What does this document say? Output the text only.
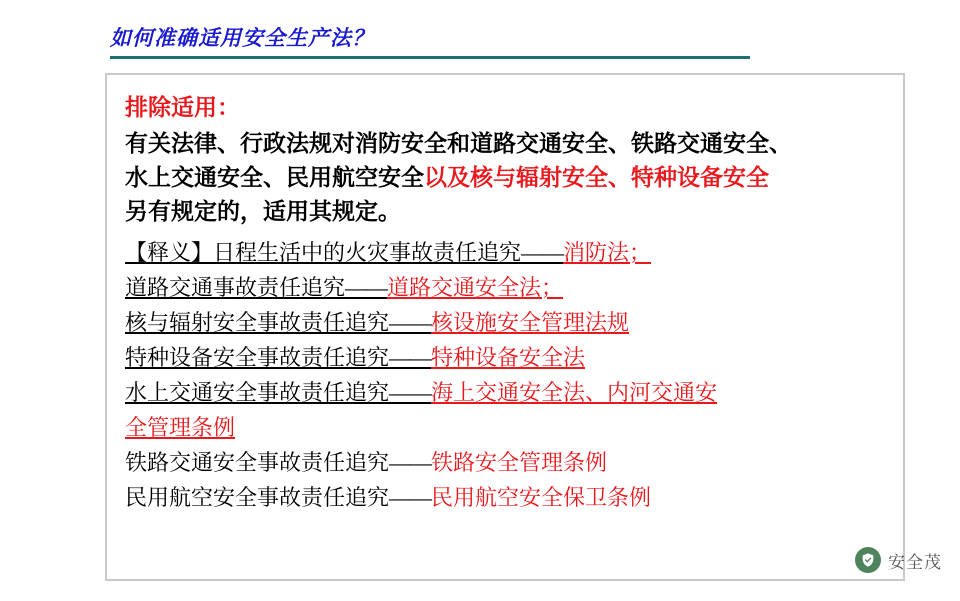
如何准确适用安全生产法？
排除适用：
有关法律、行政法规对消防安全和道路交通安全、铁路交通安全、
水上交通安全、民用航空安全以及核与辐射安全、特种设备安全
另有规定的，适用其规定。
【释义】日程生活中的火灾事故责任追究——消防法；
道路交通事故责任追究——道路交通安全法；
核与辐射安全事故责任追究——核设施安全管理法规
特种设备安全事故责任追究——特种设备安全法
水上交通安全事故责任追究——海上交通安全法、内河交通安
全管理条例
铁路交通安全事故责任追究——铁路安全管理条例
民用航空安全事故责任追究——民用航空安全保卫条例
安全茂
